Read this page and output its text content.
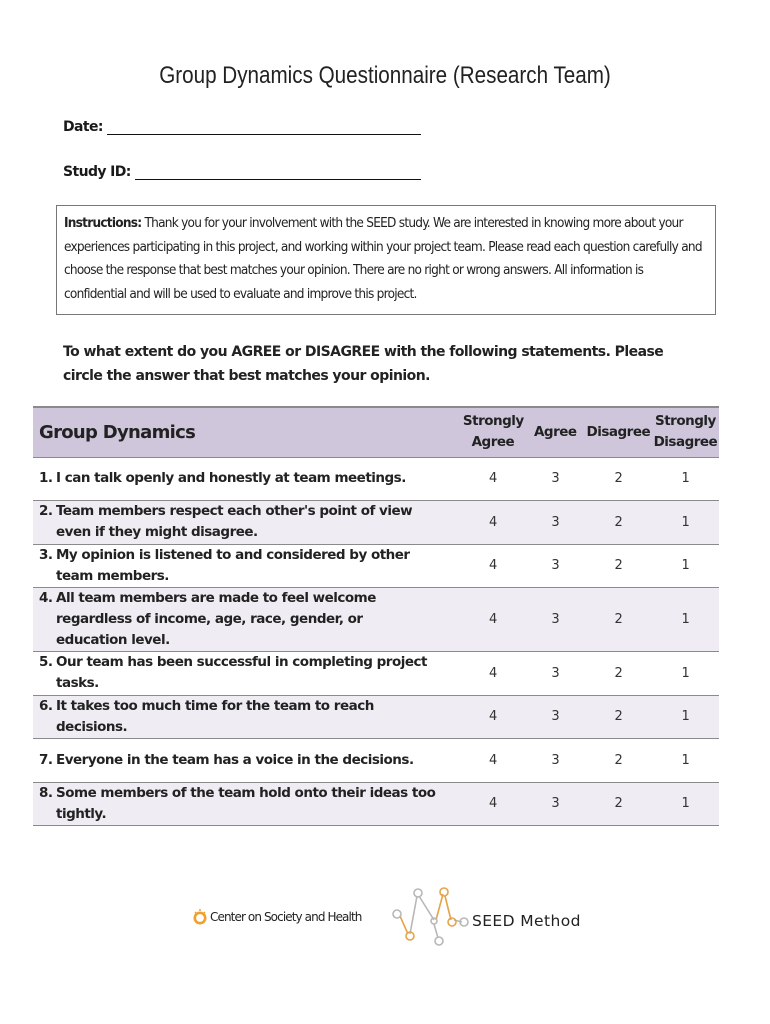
Group Dynamics Questionnaire (Research Team)
Date:
Study ID:
Instructions: Thank you for your involvement with the SEED study. We are interested in knowing more about your experiences participating in this project, and working within your project team. Please read each question carefully and choose the response that best matches your opinion. There are no right or wrong answers. All information is confidential and will be used to evaluate and improve this project.

To what extent do you AGREE or DISAGREE with the following statements. Please circle the answer that best matches your opinion.

Group Dynamics	Strongly Agree	Agree	Disagree	Strongly Disagree
1. I can talk openly and honestly at team meetings.	4	3	2	1
2. Team members respect each other's point of view even if they might disagree.	4	3	2	1
3. My opinion is listened to and considered by other team members.	4	3	2	1
4. All team members are made to feel welcome regardless of income, age, race, gender, or education level.	4	3	2	1
5. Our team has been successful in completing project tasks.	4	3	2	1
6. It takes too much time for the team to reach decisions.	4	3	2	1
7. Everyone in the team has a voice in the decisions.	4	3	2	1
8. Some members of the team hold onto their ideas too tightly.	4	3	2	1
Center on Society and Health	SEED Method
